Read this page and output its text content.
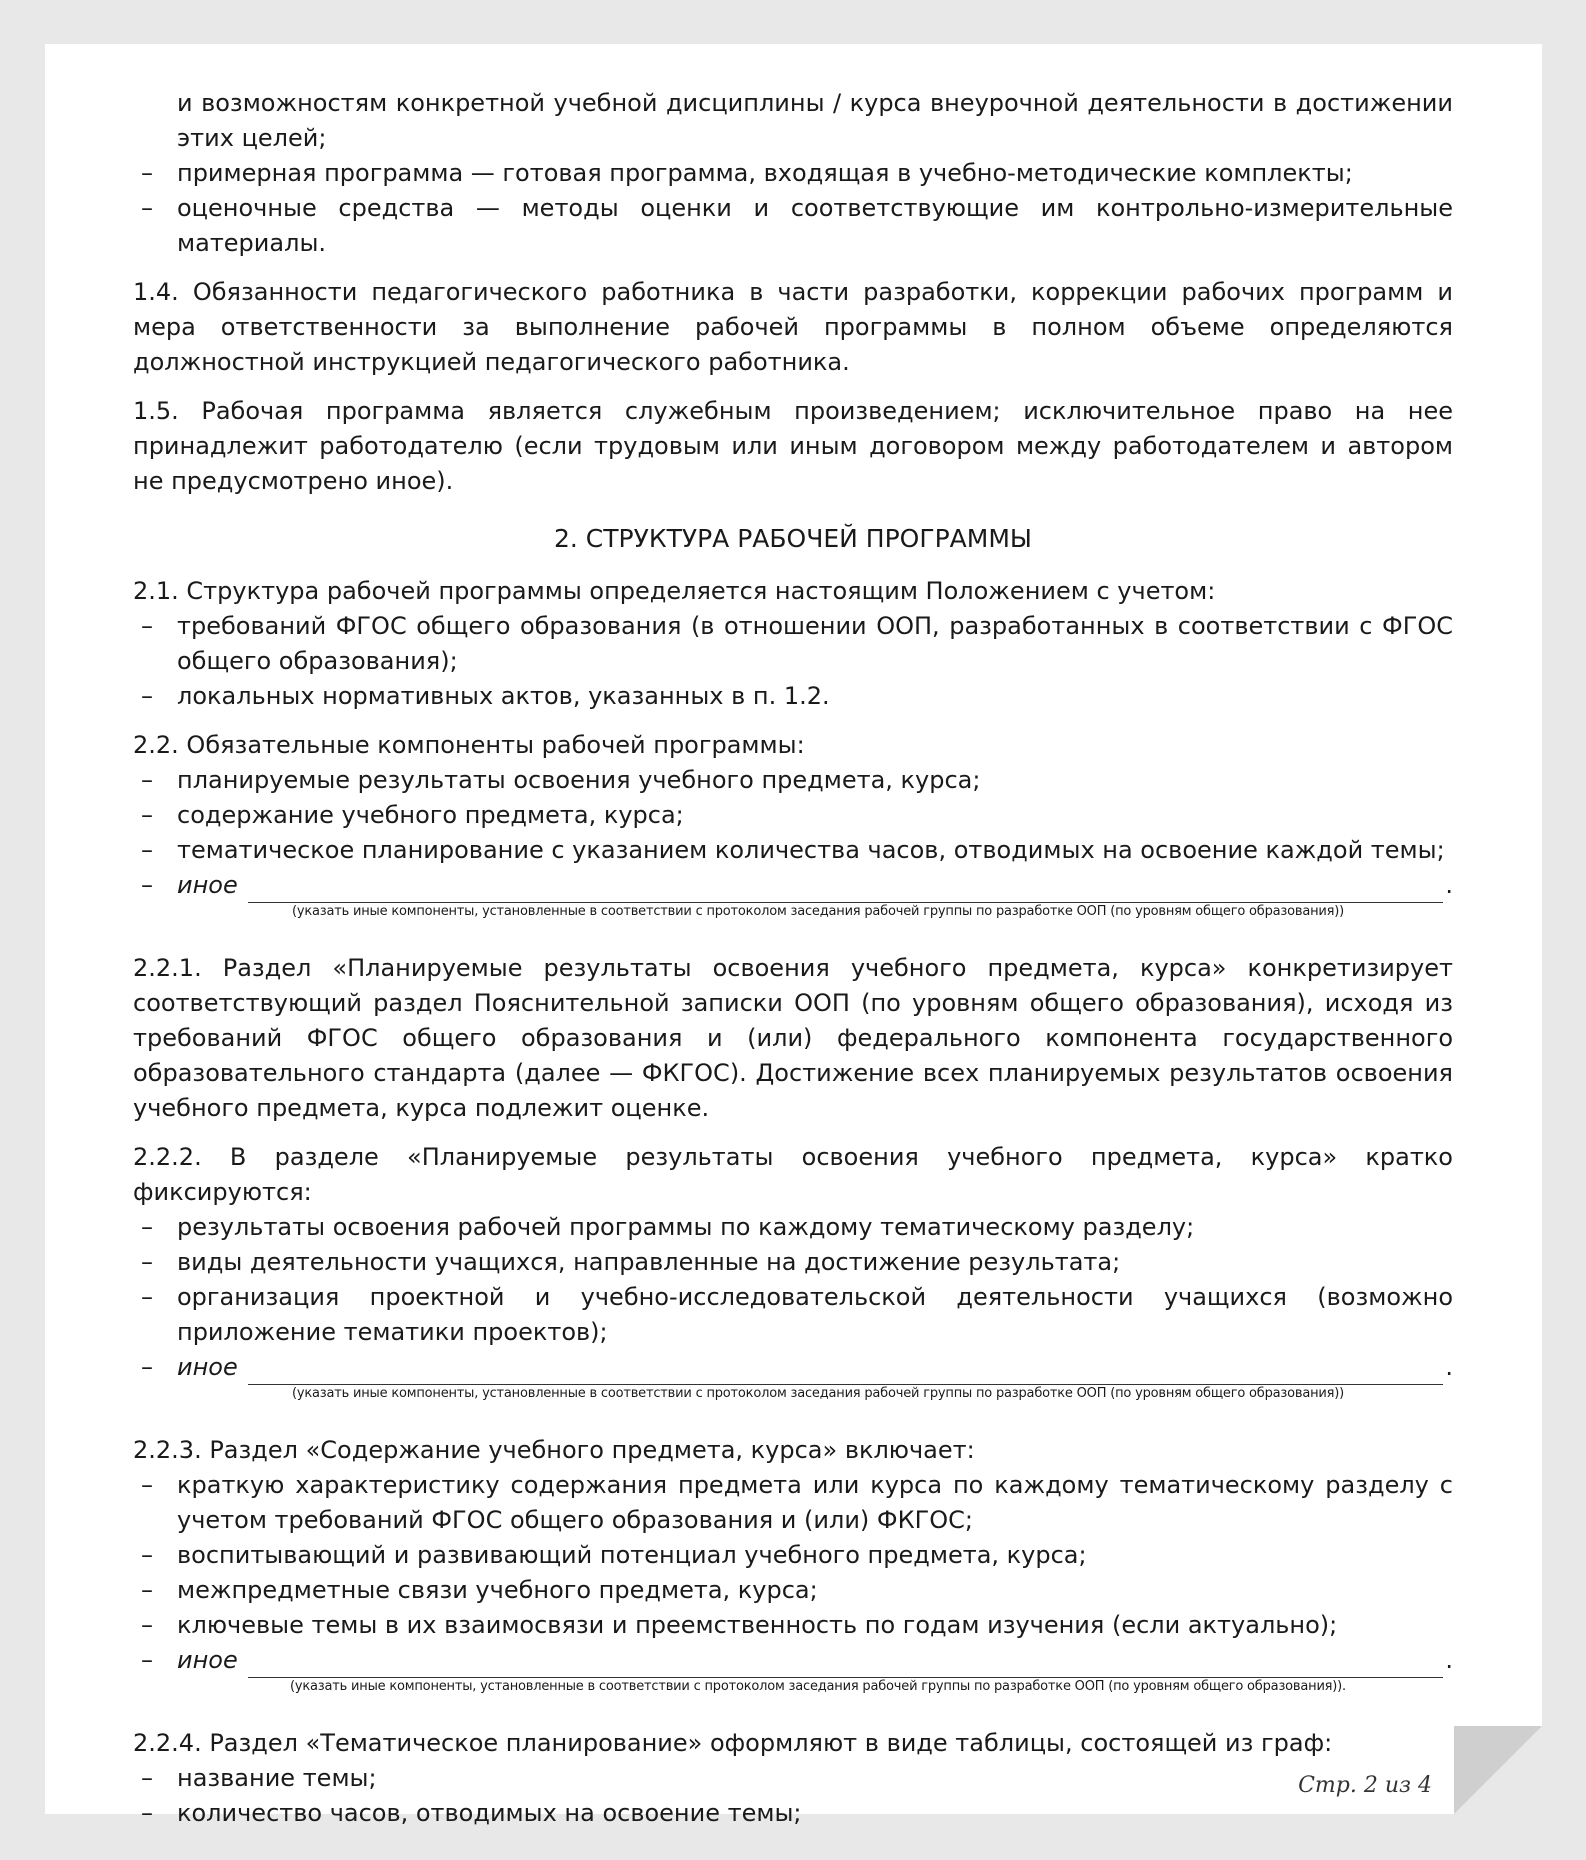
и возможностям конкретной учебной дисциплины / курса внеурочной деятельности в достижении этих целей;

– примерная программа — готовая программа, входящая в учебно-методические комплекты;

– оценочные средства — методы оценки и соответствующие им контрольно-измерительные материалы.

1.4. Обязанности педагогического работника в части разработки, коррекции рабочих программ и мера ответственности за выполнение рабочей программы в полном объеме определяются должностной инструкцией педагогического работника.

1.5. Рабочая программа является служебным произведением; исключительное право на нее принадлежит работодателю (если трудовым или иным договором между работодателем и автором не предусмотрено иное).

2. СТРУКТУРА РАБОЧЕЙ ПРОГРАММЫ

2.1. Структура рабочей программы определяется настоящим Положением с учетом:

– требований ФГОС общего образования (в отношении ООП, разработанных в соответствии с ФГОС общего образования);

– локальных нормативных актов, указанных в п. 1.2.

2.2. Обязательные компоненты рабочей программы:

– планируемые результаты освоения учебного предмета, курса;

– содержание учебного предмета, курса;

– тематическое планирование с указанием количества часов, отводимых на освоение каждой темы;

– иное	.

(указать иные компоненты, установленные в соответствии с протоколом заседания рабочей группы по разработке ООП (по уровням общего образования))

2.2.1. Раздел «Планируемые результаты освоения учебного предмета, курса» конкретизирует соответствующий раздел Пояснительной записки ООП (по уровням общего образования), исходя из требований ФГОС общего образования и (или) федерального компонента государственного образовательного стандарта (далее — ФКГОС). Достижение всех планируемых результатов освоения учебного предмета, курса подлежит оценке.

2.2.2. В разделе «Планируемые результаты освоения учебного предмета, курса» кратко фиксируются:

– результаты освоения рабочей программы по каждому тематическому разделу;

– виды деятельности учащихся, направленные на достижение результата;

– организация проектной и учебно-исследовательской деятельности учащихся (возможно приложение тематики проектов);

– иное	.

(указать иные компоненты, установленные в соответствии с протоколом заседания рабочей группы по разработке ООП (по уровням общего образования))

2.2.3. Раздел «Содержание учебного предмета, курса» включает:

– краткую характеристику содержания предмета или курса по каждому тематическому разделу с учетом требований ФГОС общего образования и (или) ФКГОС;

– воспитывающий и развивающий потенциал учебного предмета, курса;

– межпредметные связи учебного предмета, курса;

– ключевые темы в их взаимосвязи и преемственность по годам изучения (если актуально);

– иное	.

(указать иные компоненты, установленные в соответствии с протоколом заседания рабочей группы по разработке ООП (по уровням общего образования)).

2.2.4. Раздел «Тематическое планирование» оформляют в виде таблицы, состоящей из граф:

– название темы;

– количество часов, отводимых на освоение темы;

Стр. 2 из 4
